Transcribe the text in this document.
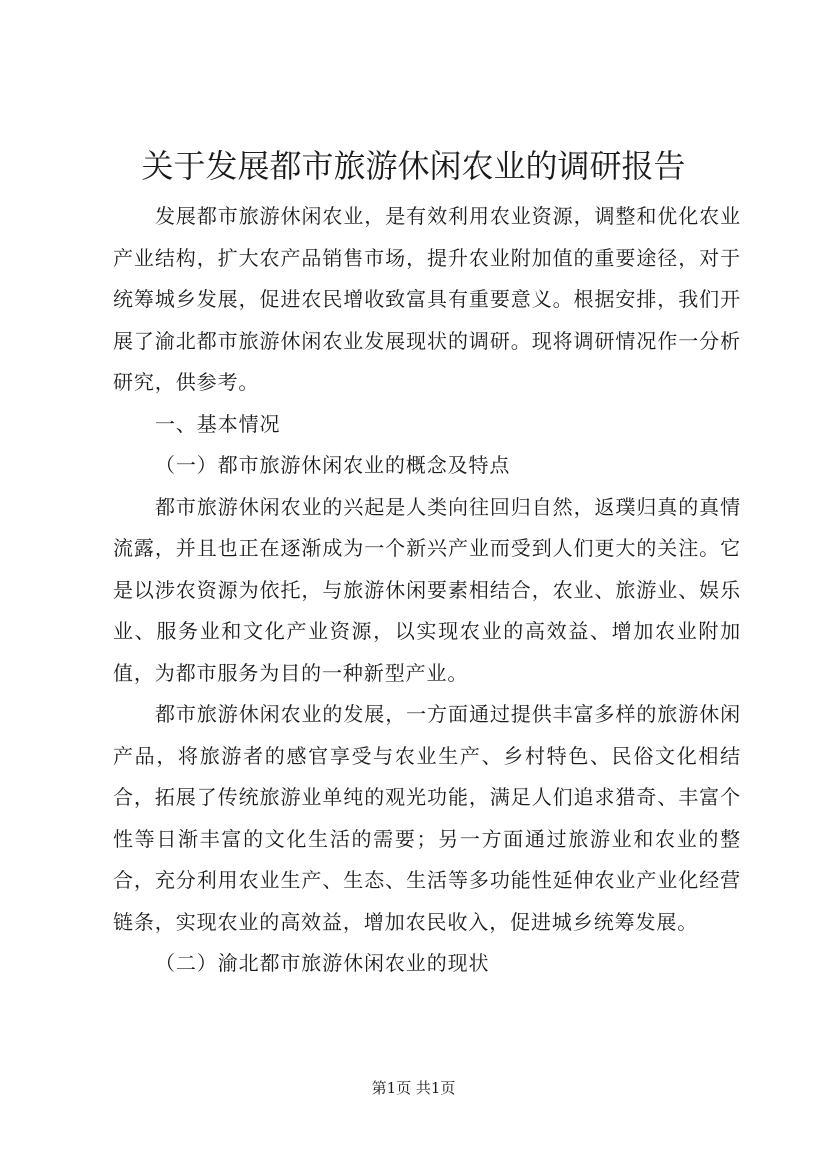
关于发展都市旅游休闲农业的调研报告

发展都市旅游休闲农业，是有效利用农业资源，调整和优化农业产业结构，扩大农产品销售市场，提升农业附加值的重要途径，对于统筹城乡发展，促进农民增收致富具有重要意义。根据安排，我们开展了渝北都市旅游休闲农业发展现状的调研。现将调研情况作一分析研究，供参考。

一、基本情况

（一）都市旅游休闲农业的概念及特点

都市旅游休闲农业的兴起是人类向往回归自然，返璞归真的真情流露，并且也正在逐渐成为一个新兴产业而受到人们更大的关注。它是以涉农资源为依托，与旅游休闲要素相结合，农业、旅游业、娱乐业、服务业和文化产业资源，以实现农业的高效益、增加农业附加值，为都市服务为目的一种新型产业。

都市旅游休闲农业的发展，一方面通过提供丰富多样的旅游休闲产品，将旅游者的感官享受与农业生产、乡村特色、民俗文化相结合，拓展了传统旅游业单纯的观光功能，满足人们追求猎奇、丰富个性等日渐丰富的文化生活的需要；另一方面通过旅游业和农业的整合，充分利用农业生产、生态、生活等多功能性延伸农业产业化经营链条，实现农业的高效益，增加农民收入，促进城乡统筹发展。

（二）渝北都市旅游休闲农业的现状

第1页 共1页
